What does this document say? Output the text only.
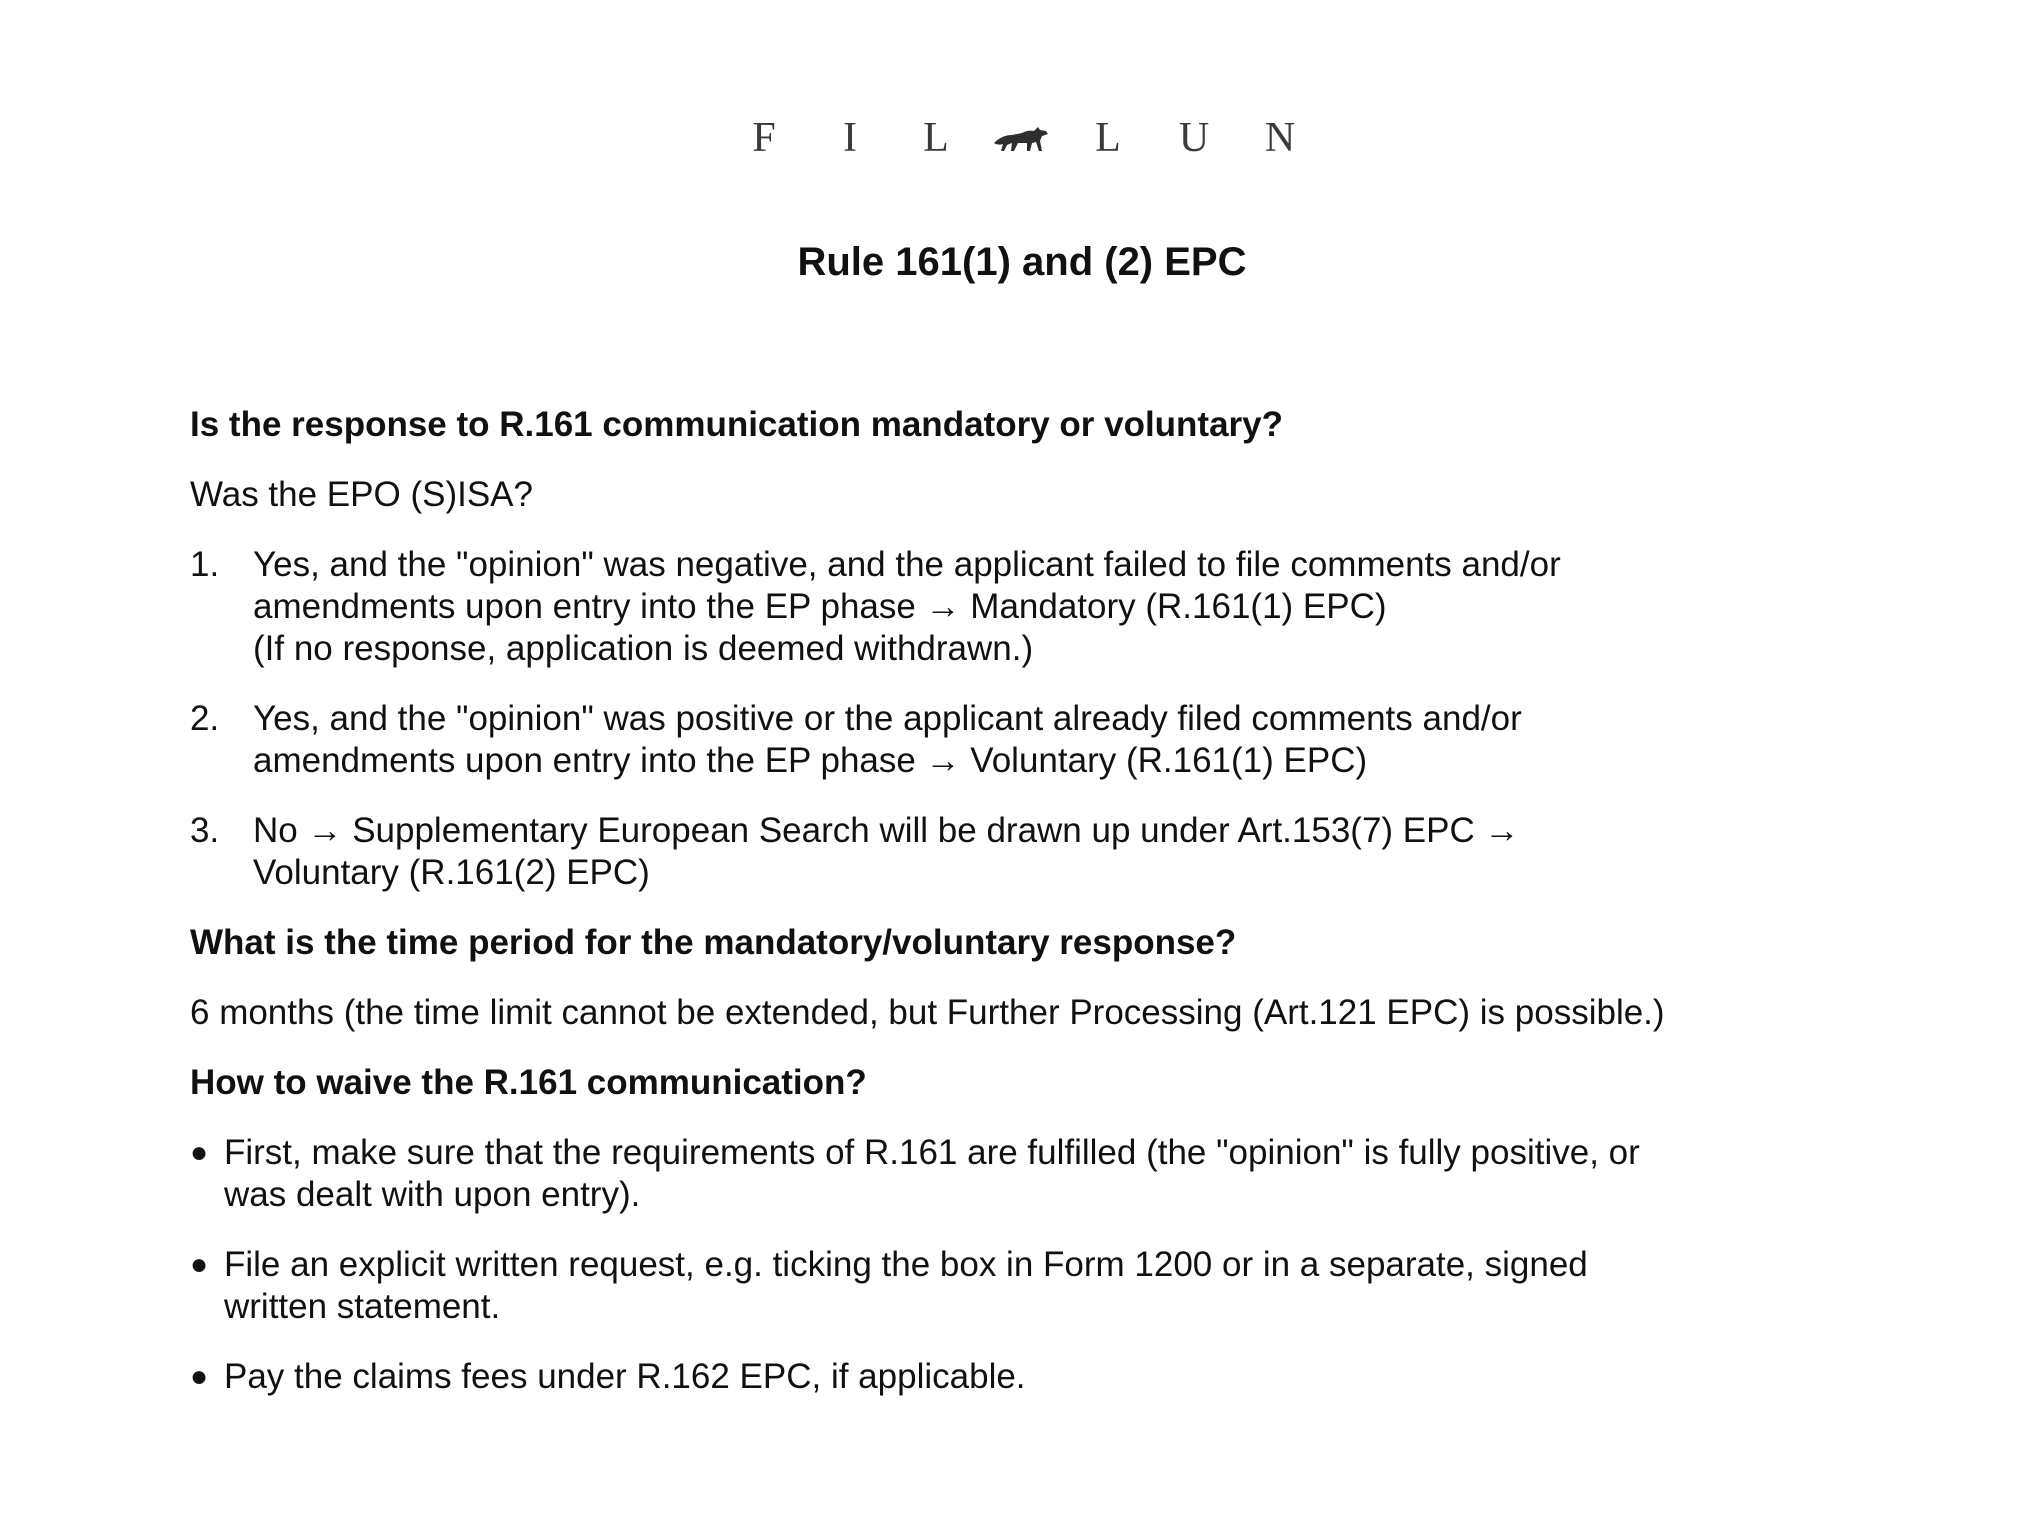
F	I	L	L	U	N
Rule 161(1) and (2) EPC

Is the response to R.161 communication mandatory or voluntary?

Was the EPO (S)ISA?

1. Yes, and the "opinion" was negative, and the applicant failed to file comments and/or
amendments upon entry into the EP phase → Mandatory (R.161(1) EPC)
(If no response, application is deemed withdrawn.)
2. Yes, and the "opinion" was positive or the applicant already filed comments and/or
amendments upon entry into the EP phase → Voluntary (R.161(1) EPC)
3. No → Supplementary European Search will be drawn up under Art.153(7) EPC →
Voluntary (R.161(2) EPC)

What is the time period for the mandatory/voluntary response?

6 months (the time limit cannot be extended, but Further Processing (Art.121 EPC) is possible.)

How to waive the R.161 communication?

● First, make sure that the requirements of R.161 are fulfilled (the "opinion" is fully positive, or
was dealt with upon entry).
● File an explicit written request, e.g. ticking the box in Form 1200 or in a separate, signed
written statement.
● Pay the claims fees under R.162 EPC, if applicable.
